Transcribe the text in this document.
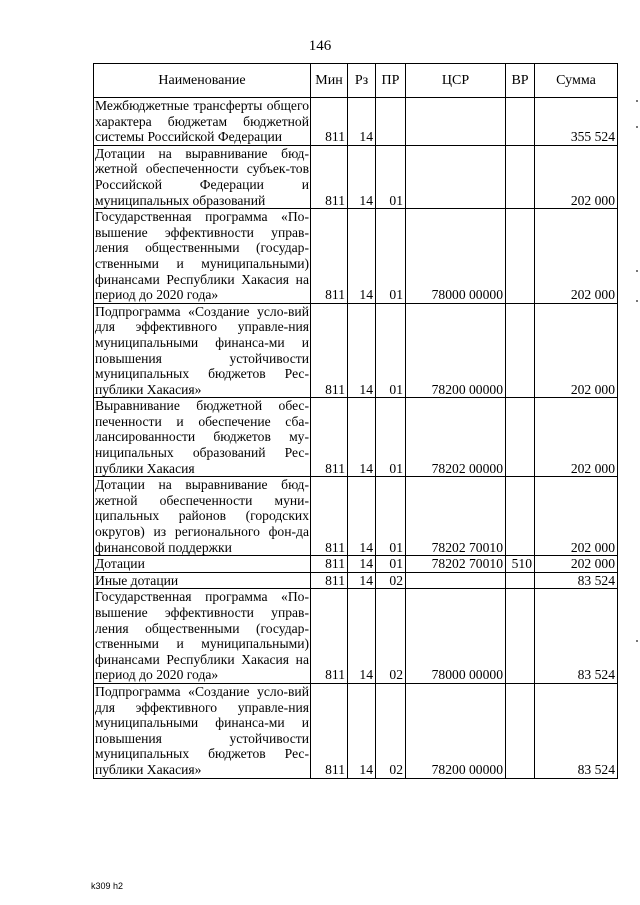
146
Наименование	Мин	Рз	ПР	ЦСР	ВР	Сумма
Межбюджетные трансферты общего характера бюджетам бюджетной системы Российской Федерации	811	14				355 524
Дотации на выравнивание бюд-жетной обеспеченности субъек-тов Российской Федерации и муниципальных образований	811	14	01			202 000
Государственная программа «По-вышение эффективности управ-ления общественными (государ-ственными и муниципальными) финансами Республики Хакасия на период до 2020 года»	811	14	01	78000 00000		202 000
Подпрограмма «Создание усло-вий для эффективного управле-ния муниципальными финанса-ми и повышения устойчивости муниципальных бюджетов Рес-публики Хакасия»	811	14	01	78200 00000		202 000
Выравнивание бюджетной обес-печенности и обеспечение сба-лансированности бюджетов му-ниципальных образований Рес-публики Хакасия	811	14	01	78202 00000		202 000
Дотации на выравнивание бюд-жетной обеспеченности муни-ципальных районов (городских округов) из регионального фон-да финансовой поддержки	811	14	01	78202 70010		202 000
Дотации	811	14	01	78202 70010	510	202 000
Иные дотации	811	14	02			83 524
Государственная программа «По-вышение эффективности управ-ления общественными (государ-ственными и муниципальными) финансами Республики Хакасия на период до 2020 года»	811	14	02	78000 00000		83 524
Подпрограмма «Создание усло-вий для эффективного управле-ния муниципальными финанса-ми и повышения устойчивости муниципальных бюджетов Рес-публики Хакасия»	811	14	02	78200 00000		83 524
k309 h2
